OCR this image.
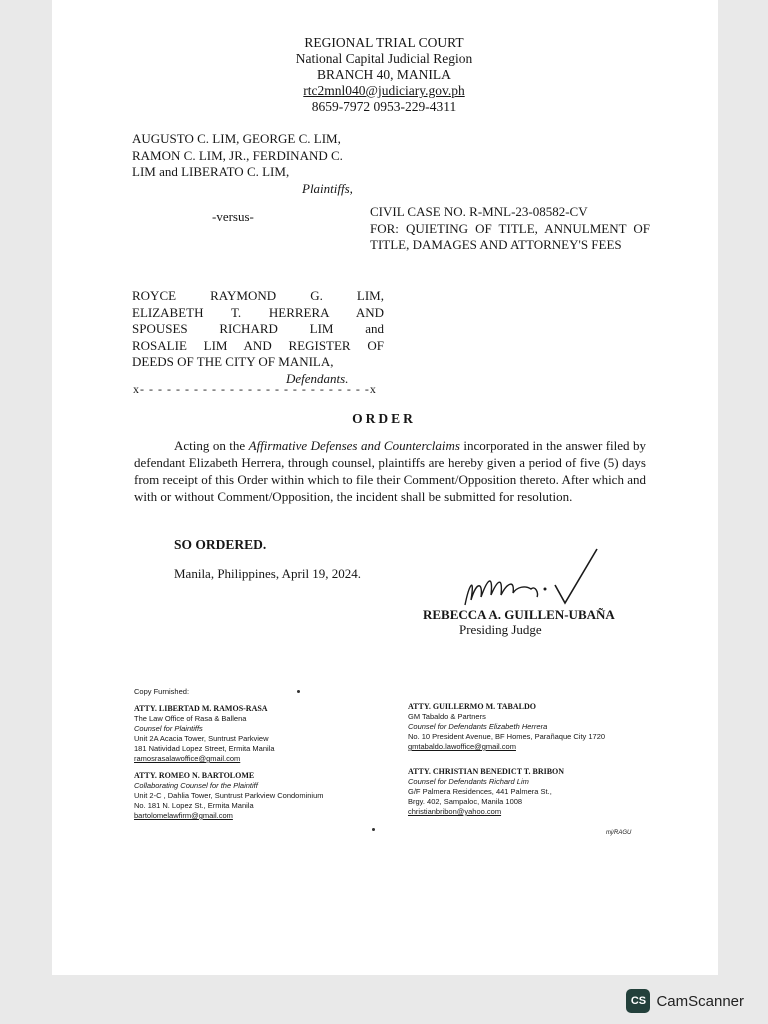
REGIONAL TRIAL COURT
National Capital Judicial Region
BRANCH 40, MANILA
rtc2mnl040@judiciary.gov.ph
8659-7972 0953-229-4311
AUGUSTO C. LIM, GEORGE C. LIM,
RAMON C. LIM, JR., FERDINAND C.
LIM and LIBERATO C. LIM,
Plaintiffs,
-versus-	CIVIL CASE NO. R-MNL-23-08582-CV
FOR: QUIETING OF TITLE, ANNULMENT OF TITLE, DAMAGES AND ATTORNEY'S FEES
ROYCE RAYMOND G. LIM,
ELIZABETH T. HERRERA AND
SPOUSES RICHARD LIM and
ROSALIE LIM AND REGISTER OF
DEEDS OF THE CITY OF MANILA,
Defendants.
x- - - - - - - - - - - - - - - - - - - - - - - - - -x
ORDER

Acting on the Affirmative Defenses and Counterclaims incorporated in the answer filed by defendant Elizabeth Herrera, through counsel, plaintiffs are hereby given a period of five (5) days from receipt of this Order within which to file their Comment/Opposition thereto. After which and with or without Comment/Opposition, the incident shall be submitted for resolution.

SO ORDERED.
Manila, Philippines, April 19, 2024.
REBECCA A. GUILLEN-UBAÑA
Presiding Judge
Copy Furnished:
ATTY. LIBERTAD M. RAMOS-RASA
The Law Office of Rasa & Ballena
Counsel for Plaintiffs
Unit 2A Acacia Tower, Suntrust Parkview
181 Natividad Lopez Street, Ermita Manila
ramosrasalawoffice@gmail.com
ATTY. ROMEO N. BARTOLOME
Collaborating Counsel for the Plaintiff
Unit 2-C , Dahlia Tower, Suntrust Parkview Condominium
No. 181 N. Lopez St., Ermita Manila
bartolomelawfirm@gmail.com
ATTY. GUILLERMO M. TABALDO
GM Tabaldo & Partners
Counsel for Defendants Elizabeth Herrera
No. 10 President Avenue, BF Homes, Parañaque City 1720
gmtabaldo.lawoffice@gmail.com
ATTY. CHRISTIAN BENEDICT T. BRIBON
Counsel for Defendants Richard Lim
G/F Palmera Residences, 441 Palmera St.,
Brgy. 402, Sampaloc, Manila 1008
christianbribon@yahoo.com
mj/RAGU
CS CamScanner
